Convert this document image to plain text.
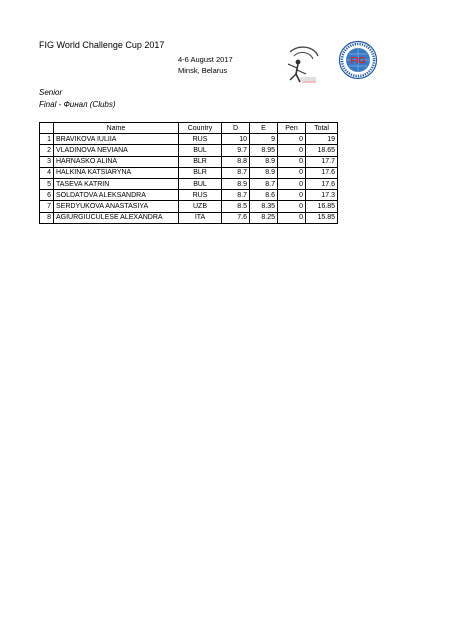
FIG World Challenge Cup 2017
4-6 August 2017
Minsk, Belarus
FIG
Senior
Final - Финал (Clubs)
	Name	Country	D	E	Pen	Total
1	BRAVIKOVA IULIIA	RUS	10	9	0	19
2	VLADINOVA NEVIANA	BUL	9.7	8.95	0	18.65
3	HARNASKO ALINA	BLR	8.8	8.9	0	17.7
4	HALKINA KATSIARYNA	BLR	8.7	8.9	0	17.6
5	TASEVA KATRIN	BUL	8.9	8.7	0	17.6
6	SOLDATOVA ALEKSANDRA	RUS	8.7	8.6	0	17.3
7	SERDYUKOVA ANASTASIYA	UZB	8.5	8.35	0	16.85
8	AGIURGIUCULESE ALEXANDRA	ITA	7.6	8.25	0	15.85
